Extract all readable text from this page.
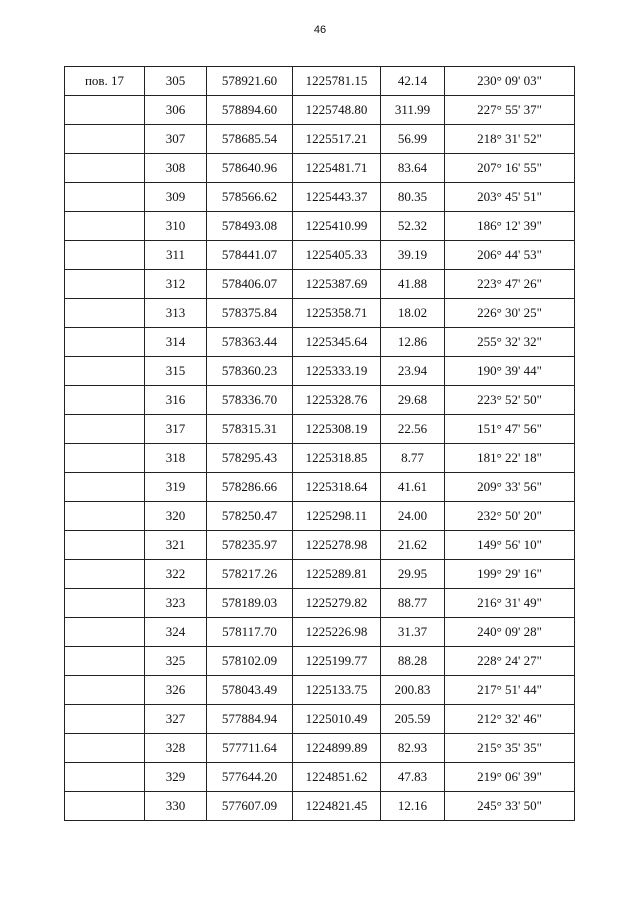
46
пов. 17	305	578921.60	1225781.15	42.14	230° 09' 03"
	306	578894.60	1225748.80	311.99	227° 55' 37"
	307	578685.54	1225517.21	56.99	218° 31' 52"
	308	578640.96	1225481.71	83.64	207° 16' 55"
	309	578566.62	1225443.37	80.35	203° 45' 51"
	310	578493.08	1225410.99	52.32	186° 12' 39"
	311	578441.07	1225405.33	39.19	206° 44' 53"
	312	578406.07	1225387.69	41.88	223° 47' 26"
	313	578375.84	1225358.71	18.02	226° 30' 25"
	314	578363.44	1225345.64	12.86	255° 32' 32"
	315	578360.23	1225333.19	23.94	190° 39' 44"
	316	578336.70	1225328.76	29.68	223° 52' 50"
	317	578315.31	1225308.19	22.56	151° 47' 56"
	318	578295.43	1225318.85	8.77	181° 22' 18"
	319	578286.66	1225318.64	41.61	209° 33' 56"
	320	578250.47	1225298.11	24.00	232° 50' 20"
	321	578235.97	1225278.98	21.62	149° 56' 10"
	322	578217.26	1225289.81	29.95	199° 29' 16"
	323	578189.03	1225279.82	88.77	216° 31' 49"
	324	578117.70	1225226.98	31.37	240° 09' 28"
	325	578102.09	1225199.77	88.28	228° 24' 27"
	326	578043.49	1225133.75	200.83	217° 51' 44"
	327	577884.94	1225010.49	205.59	212° 32' 46"
	328	577711.64	1224899.89	82.93	215° 35' 35"
	329	577644.20	1224851.62	47.83	219° 06' 39"
	330	577607.09	1224821.45	12.16	245° 33' 50"
